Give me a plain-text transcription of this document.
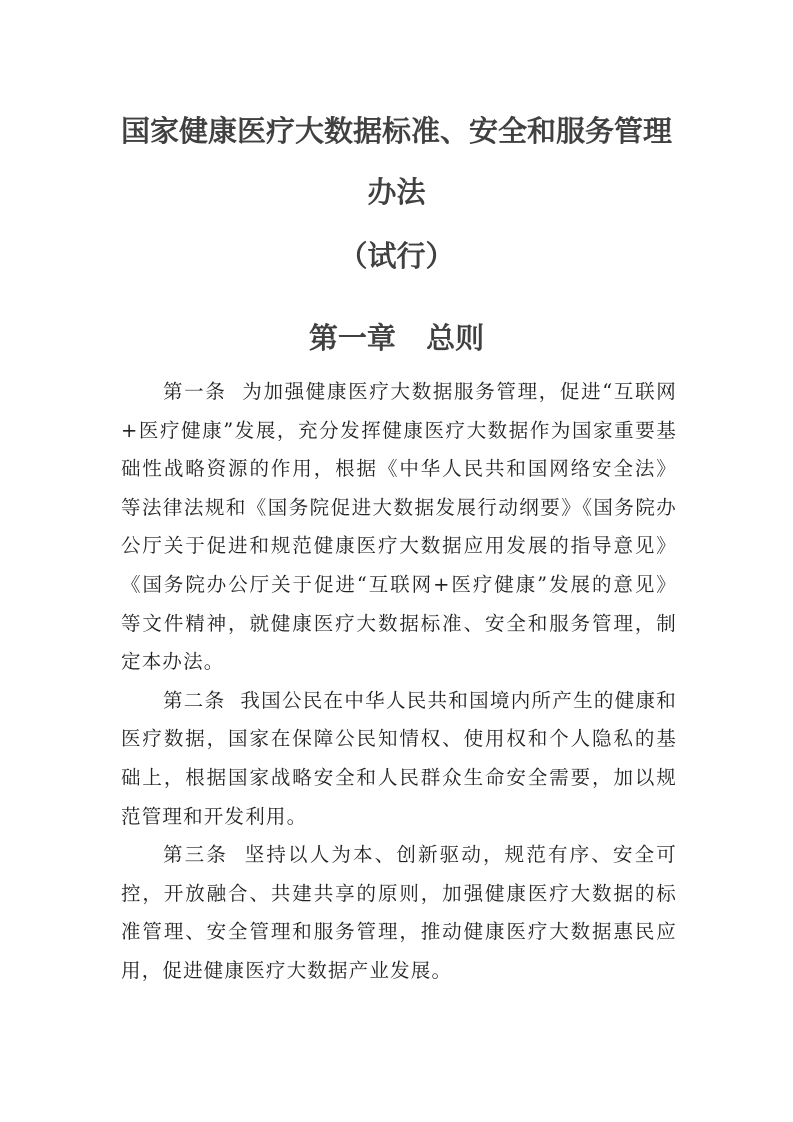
国家健康医疗大数据标准、安全和服务管理
办法
（试行）
第一章   总则

第一条  为加强健康医疗大数据服务管理，促进“互联网+医疗健康”发展，充分发挥健康医疗大数据作为国家重要基础性战略资源的作用，根据《中华人民共和国网络安全法》等法律法规和《国务院促进大数据发展行动纲要》《国务院办公厅关于促进和规范健康医疗大数据应用发展的指导意见》《国务院办公厅关于促进“互联网+医疗健康”发展的意见》等文件精神，就健康医疗大数据标准、安全和服务管理，制定本办法。

第二条  我国公民在中华人民共和国境内所产生的健康和医疗数据，国家在保障公民知情权、使用权和个人隐私的基础上，根据国家战略安全和人民群众生命安全需要，加以规范管理和开发利用。

第三条  坚持以人为本、创新驱动，规范有序、安全可控，开放融合、共建共享的原则，加强健康医疗大数据的标准管理、安全管理和服务管理，推动健康医疗大数据惠民应用，促进健康医疗大数据产业发展。
